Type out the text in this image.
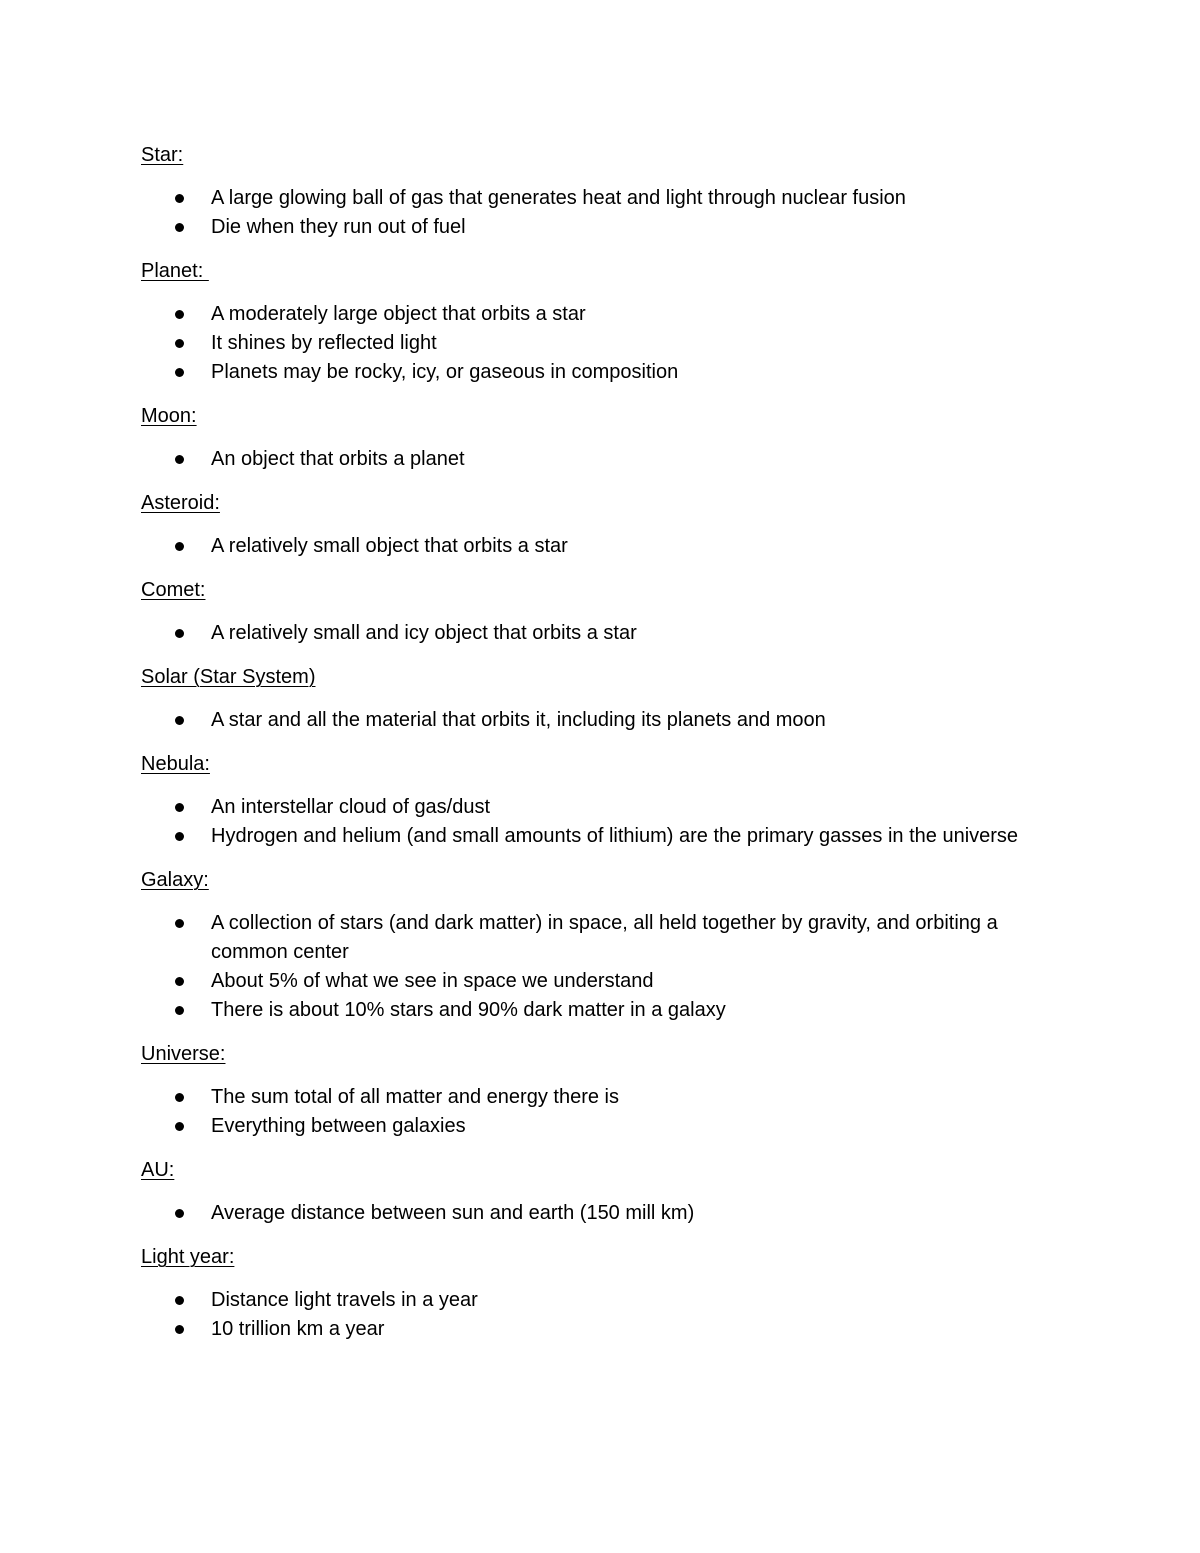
Star:
A large glowing ball of gas that generates heat and light through nuclear fusion
Die when they run out of fuel
Planet:
A moderately large object that orbits a star
It shines by reflected light
Planets may be rocky, icy, or gaseous in composition
Moon:
An object that orbits a planet
Asteroid:
A relatively small object that orbits a star
Comet:
A relatively small and icy object that orbits a star
Solar (Star System)
A star and all the material that orbits it, including its planets and moon
Nebula:
An interstellar cloud of gas/dust
Hydrogen and helium (and small amounts of lithium) are the primary gasses in the universe
Galaxy:
A collection of stars (and dark matter) in space, all held together by gravity, and orbiting a common center
About 5% of what we see in space we understand
There is about 10% stars and 90% dark matter in a galaxy
Universe:
The sum total of all matter and energy there is
Everything between galaxies
AU:
Average distance between sun and earth (150 mill km)
Light year:
Distance light travels in a year
10 trillion km a year
